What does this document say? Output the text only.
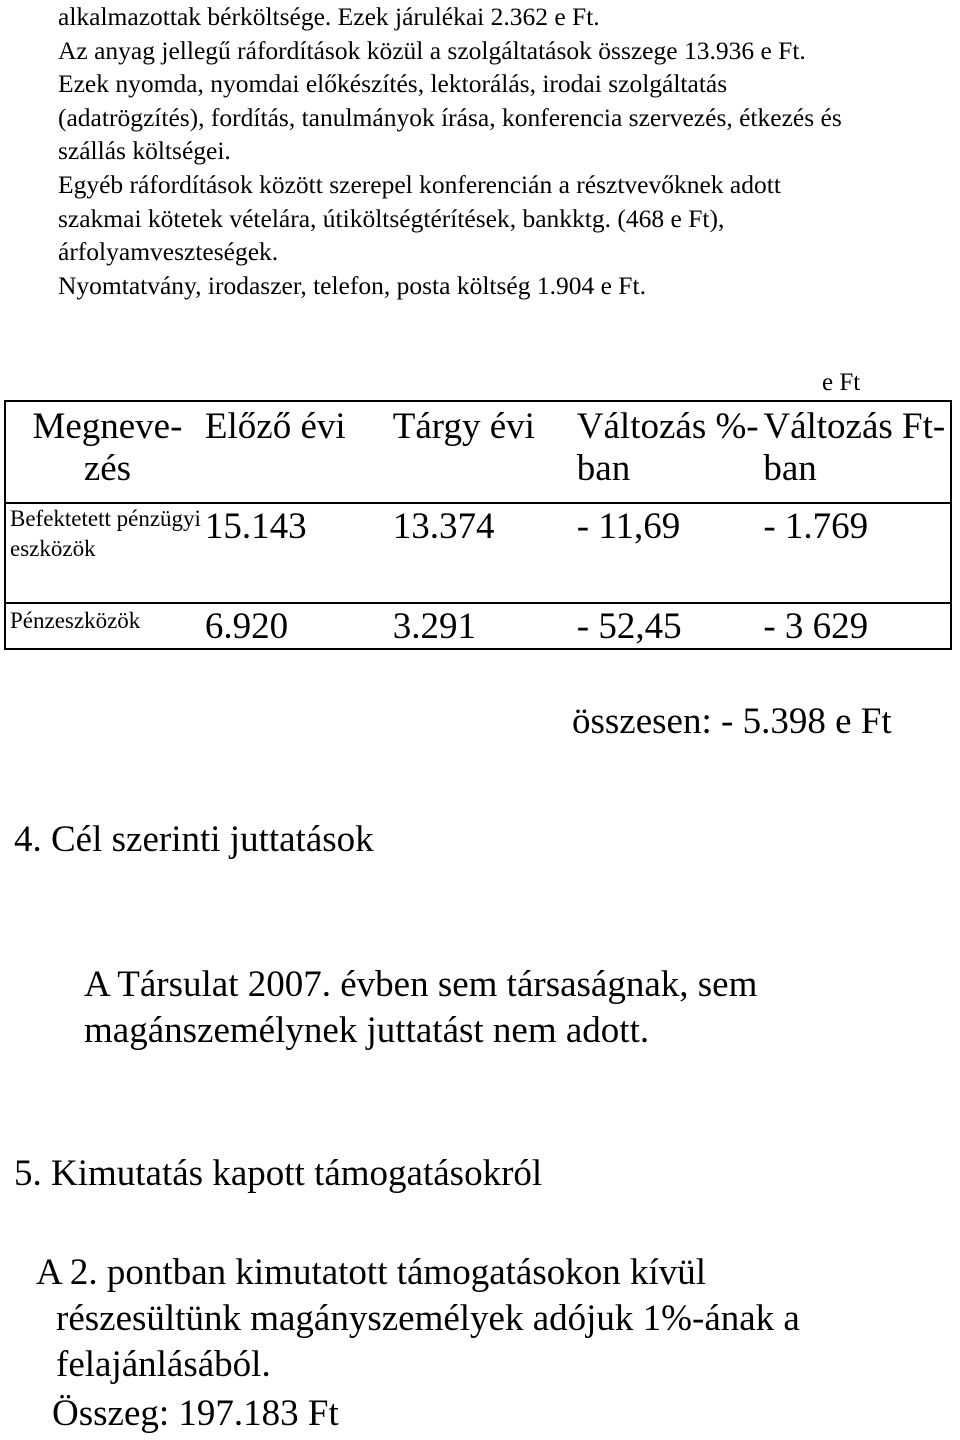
alkalmazottak bérköltsége. Ezek járulékai 2.362 e Ft.
Az anyag jellegű ráfordítások közül a szolgáltatások összege 13.936 e Ft.
Ezek nyomda, nyomdai előkészítés, lektorálás, irodai szolgáltatás
(adatrögzítés), fordítás, tanulmányok írása, konferencia szervezés, étkezés és
szállás költségei.
Egyéb ráfordítások között szerepel konferencián a résztvevőknek adott
szakmai kötetek vételára, útiköltségtérítések, bankktg. (468 e Ft),
árfolyamveszteségek.
Nyomtatvány, irodaszer, telefon, posta költség 1.904 e Ft.
e Ft
Megneve-zés	Előző évi	Tárgy évi	Változás %-ban	Változás Ft-ban
Befektetett pénzügyi eszközök	15.143	13.374	- 11,69	- 1.769
Pénzeszközök	6.920	3.291	- 52,45	- 3 629
összesen: - 5.398 e Ft
4. Cél szerinti juttatások
A Társulat 2007. évben sem társaságnak, sem
magánszemélynek juttatást nem adott.
5. Kimutatás kapott támogatásokról
A 2. pontban kimutatott támogatásokon kívül
részesültünk magányszemélyek adójuk 1%-ának a
felajánlásából.
Összeg: 197.183 Ft
